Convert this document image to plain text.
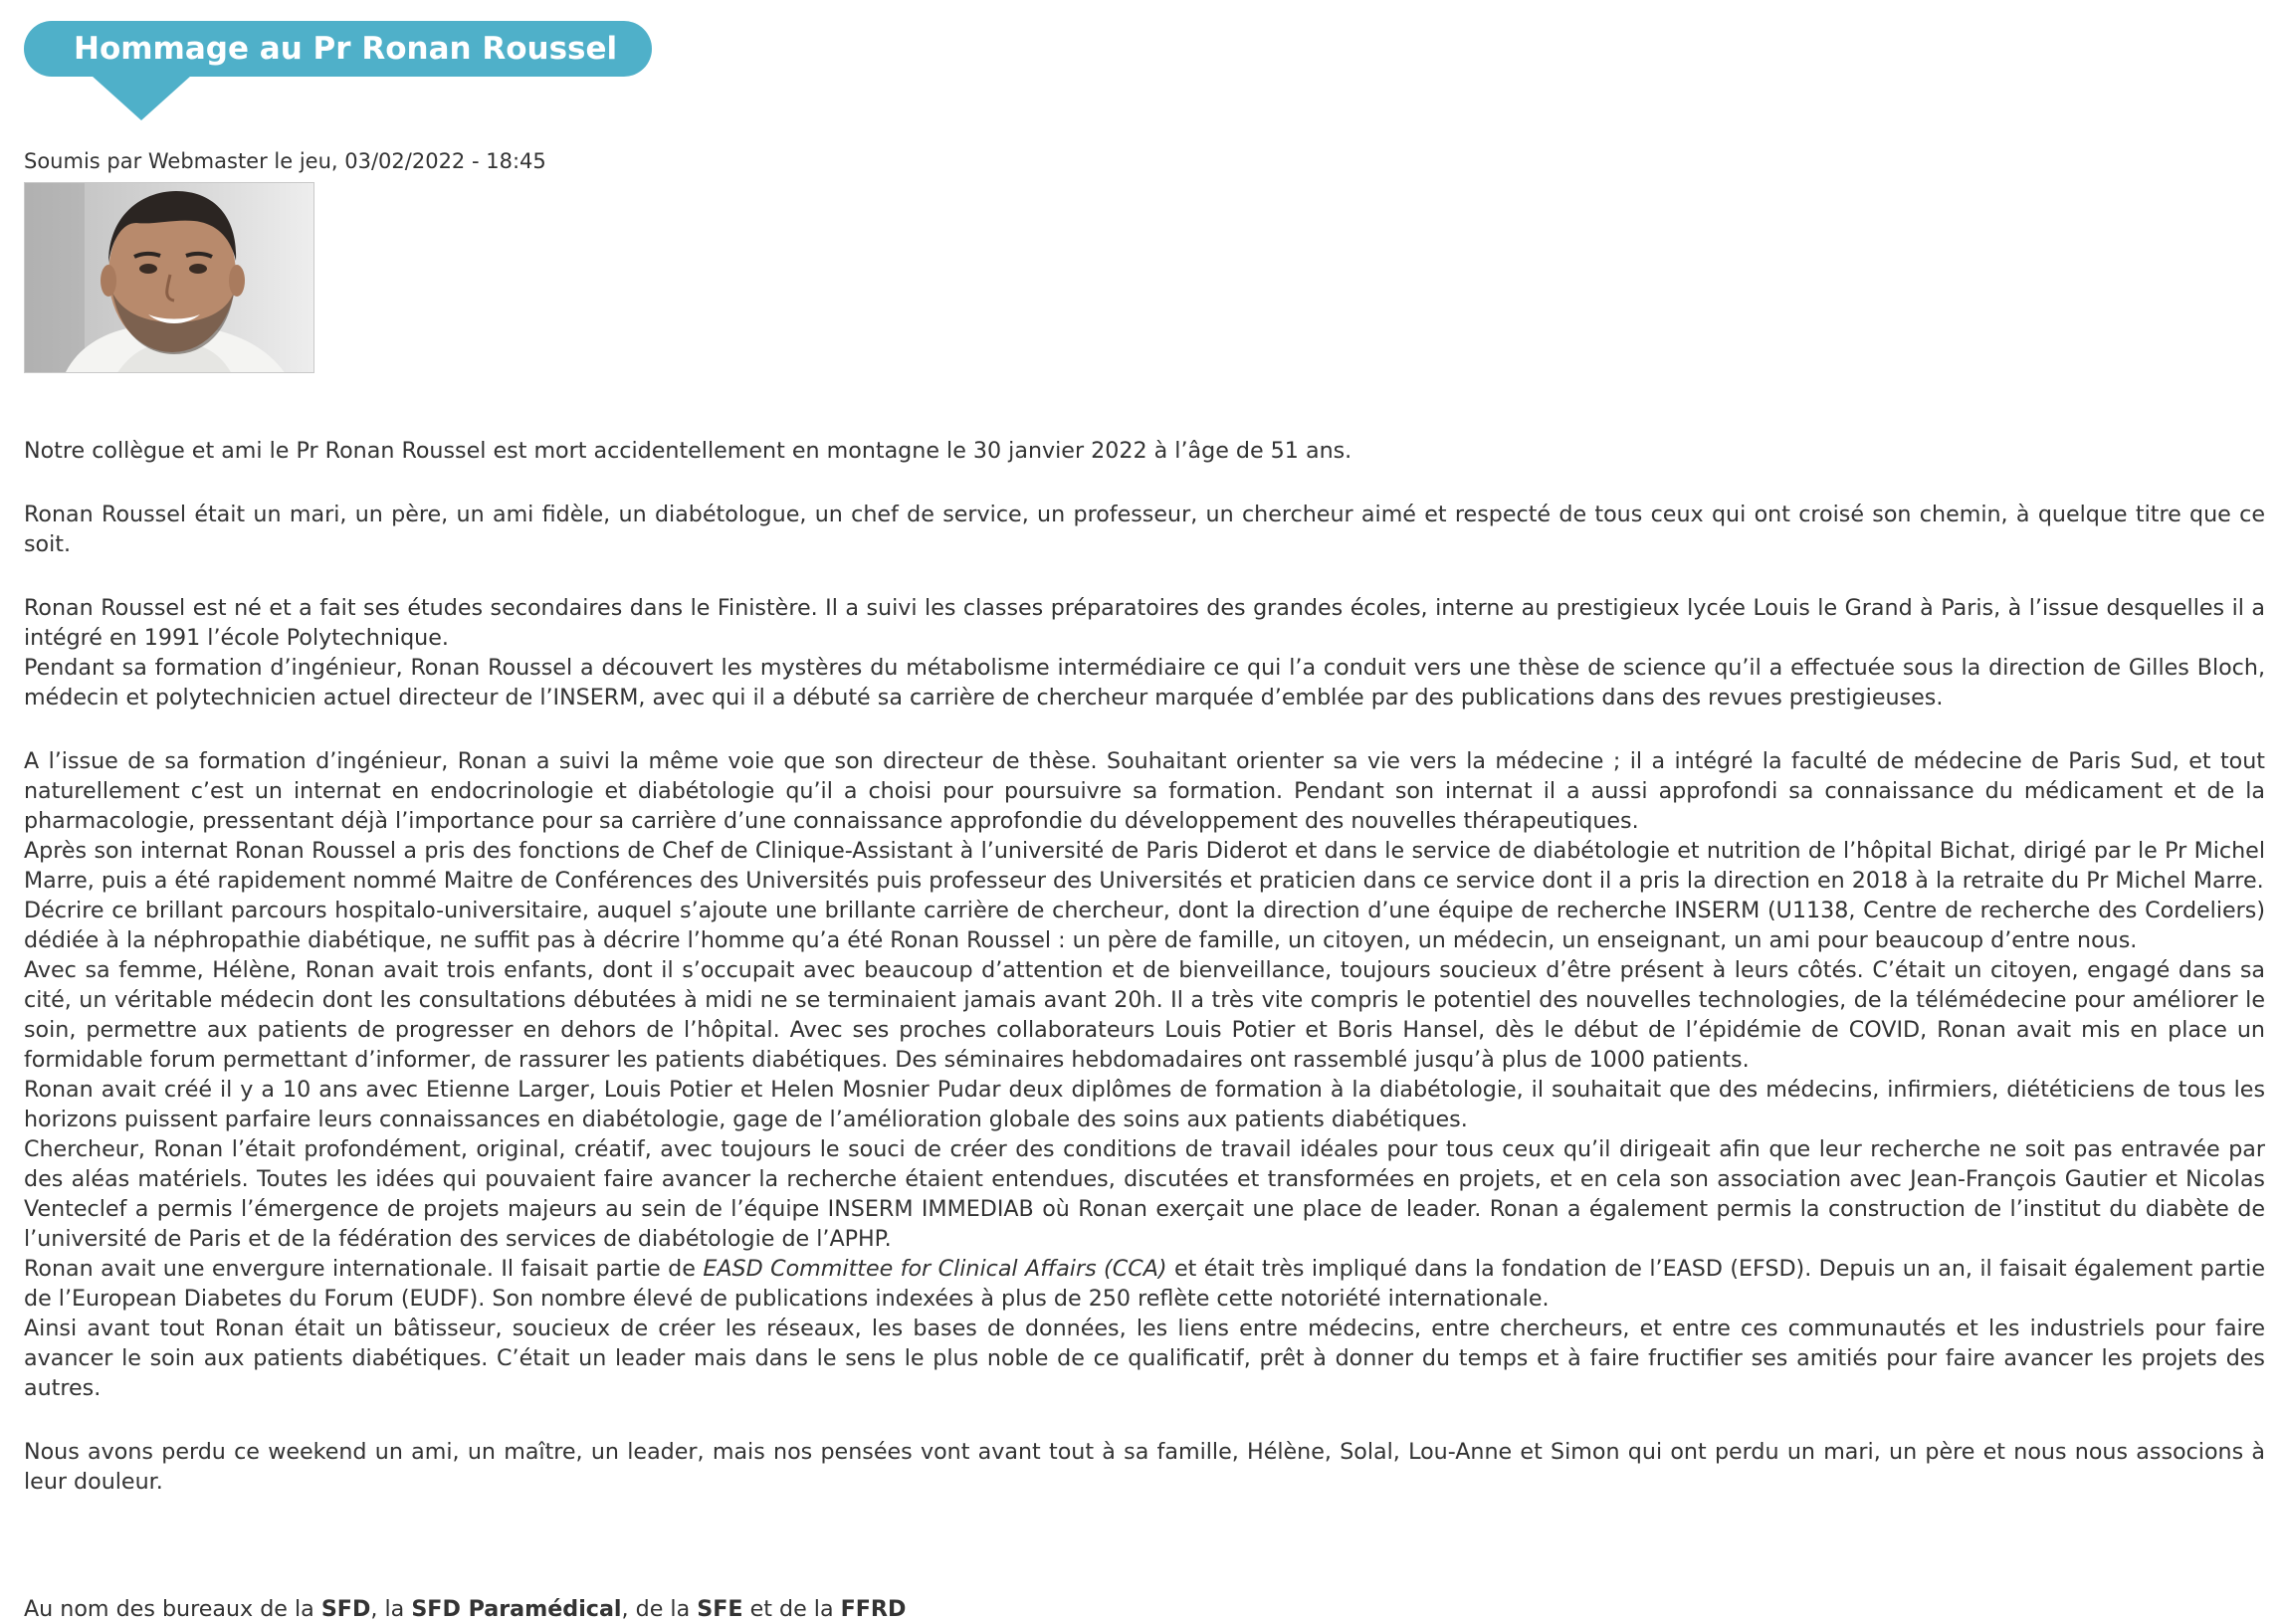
Hommage au Pr Ronan Roussel
Soumis par Webmaster le jeu, 03/02/2022 - 18:45

Notre collègue et ami le Pr Ronan Roussel est mort accidentellement en montagne le 30 janvier 2022 à l’âge de 51 ans.

Ronan Roussel était un mari, un père, un ami fidèle, un diabétologue, un chef de service, un professeur, un chercheur aimé et respecté de tous ceux qui ont croisé son chemin, à quelque titre que ce soit.

Ronan Roussel est né et a fait ses études secondaires dans le Finistère. Il a suivi les classes préparatoires des grandes écoles, interne au prestigieux lycée Louis le Grand à Paris, à l’issue desquelles il a intégré en 1991 l’école Polytechnique.

Pendant sa formation d’ingénieur, Ronan Roussel a découvert les mystères du métabolisme intermédiaire ce qui l’a conduit vers une thèse de science qu’il a effectuée sous la direction de Gilles Bloch, médecin et polytechnicien actuel directeur de l’INSERM, avec qui il a débuté sa carrière de chercheur marquée d’emblée par des publications dans des revues prestigieuses.

A l’issue de sa formation d’ingénieur, Ronan a suivi la même voie que son directeur de thèse. Souhaitant orienter sa vie vers la médecine ; il a intégré la faculté de médecine de Paris Sud, et tout naturellement c’est un internat en endocrinologie et diabétologie qu’il a choisi pour poursuivre sa formation. Pendant son internat il a aussi approfondi sa connaissance du médicament et de la pharmacologie, pressentant déjà l’importance pour sa carrière d’une connaissance approfondie du développement des nouvelles thérapeutiques.

Après son internat Ronan Roussel a pris des fonctions de Chef de Clinique-Assistant à l’université de Paris Diderot et dans le service de diabétologie et nutrition de l’hôpital Bichat, dirigé par le Pr Michel Marre, puis a été rapidement nommé Maitre de Conférences des Universités puis professeur des Universités et praticien dans ce service dont il a pris la direction en 2018 à la retraite du Pr Michel Marre.

Décrire ce brillant parcours hospitalo-universitaire, auquel s’ajoute une brillante carrière de chercheur, dont la direction d’une équipe de recherche INSERM (U1138, Centre de recherche des Cordeliers) dédiée à la néphropathie diabétique, ne suffit pas à décrire l’homme qu’a été Ronan Roussel : un père de famille, un citoyen, un médecin, un enseignant, un ami pour beaucoup d’entre nous.

Avec sa femme, Hélène, Ronan avait trois enfants, dont il s’occupait avec beaucoup d’attention et de bienveillance, toujours soucieux d’être présent à leurs côtés. C’était un citoyen, engagé dans sa cité, un véritable médecin dont les consultations débutées à midi ne se terminaient jamais avant 20h. Il a très vite compris le potentiel des nouvelles technologies, de la télémédecine pour améliorer le soin, permettre aux patients de progresser en dehors de l’hôpital. Avec ses proches collaborateurs Louis Potier et Boris Hansel, dès le début de l’épidémie de COVID, Ronan avait mis en place un formidable forum permettant d’informer, de rassurer les patients diabétiques. Des séminaires hebdomadaires ont rassemblé jusqu’à plus de 1000 patients.

Ronan avait créé il y a 10 ans avec Etienne Larger, Louis Potier et Helen Mosnier Pudar deux diplômes de formation à la diabétologie, il souhaitait que des médecins, infirmiers, diététiciens de tous les horizons puissent parfaire leurs connaissances en diabétologie, gage de l’amélioration globale des soins aux patients diabétiques.

Chercheur, Ronan l’était profondément, original, créatif, avec toujours le souci de créer des conditions de travail idéales pour tous ceux qu’il dirigeait afin que leur recherche ne soit pas entravée par des aléas matériels. Toutes les idées qui pouvaient faire avancer la recherche étaient entendues, discutées et transformées en projets, et en cela son association avec Jean-François Gautier et Nicolas Venteclef a permis l’émergence de projets majeurs au sein de l’équipe INSERM IMMEDIAB où Ronan exerçait une place de leader. Ronan a également permis la construction de l’institut du diabète de l’université de Paris et de la fédération des services de diabétologie de l’APHP.

Ronan avait une envergure internationale. Il faisait partie de EASD Committee for Clinical Affairs (CCA) et était très impliqué dans la fondation de l’EASD (EFSD). Depuis un an, il faisait également partie de l’European Diabetes du Forum (EUDF). Son nombre élevé de publications indexées à plus de 250 reflète cette notoriété internationale.

Ainsi avant tout Ronan était un bâtisseur, soucieux de créer les réseaux, les bases de données, les liens entre médecins, entre chercheurs, et entre ces communautés et les industriels pour faire avancer le soin aux patients diabétiques. C’était un leader mais dans le sens le plus noble de ce qualificatif, prêt à donner du temps et à faire fructifier ses amitiés pour faire avancer les projets des autres.

Nous avons perdu ce weekend un ami, un maître, un leader, mais nos pensées vont avant tout à sa famille, Hélène, Solal, Lou-Anne et Simon qui ont perdu un mari, un père et nous nous associons à leur douleur.

Au nom des bureaux de la SFD, la SFD Paramédical, de la SFE et de la FFRD
